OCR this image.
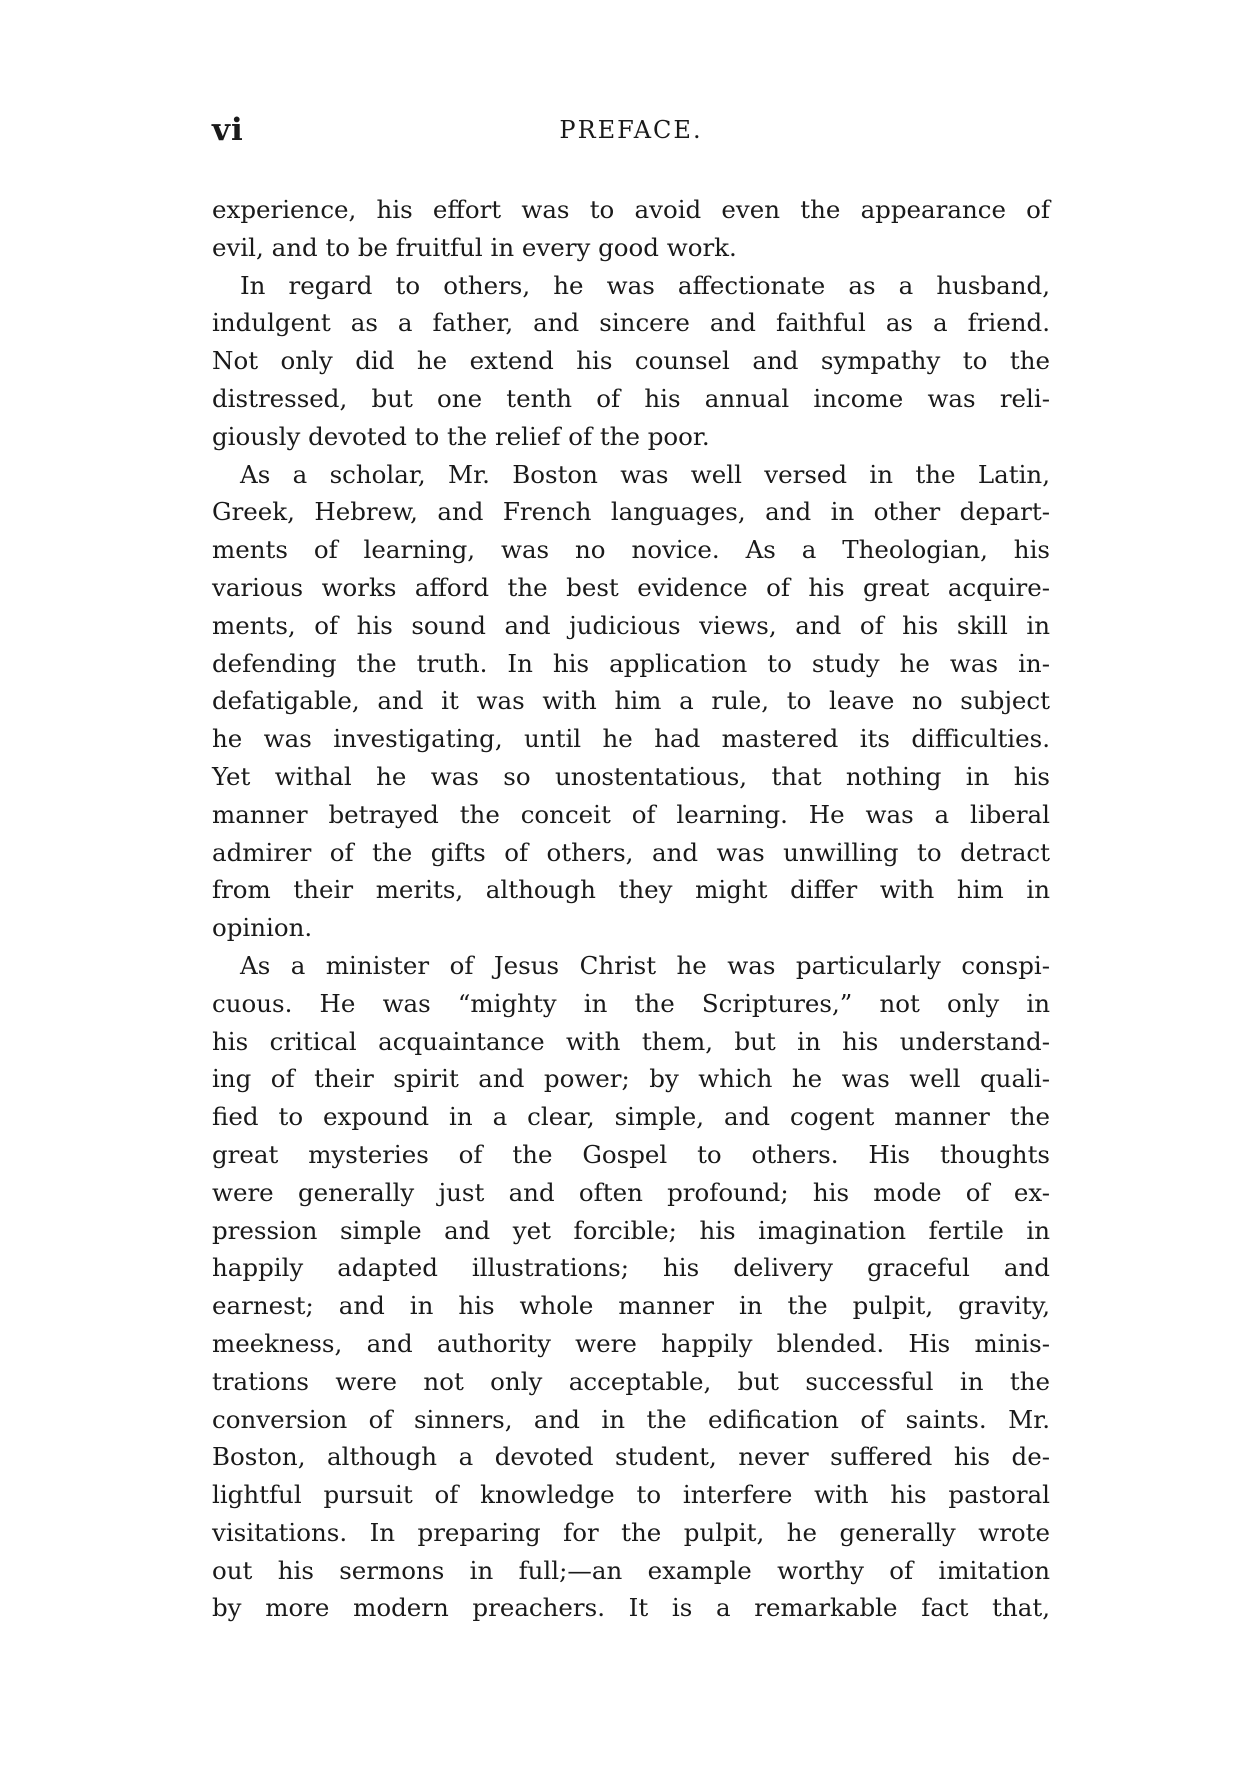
vi	PREFACE.
experience, his effort was to avoid even the appearance of
evil, and to be fruitful in every good work.
In regard to others, he was affectionate as a husband,
indulgent as a father, and sincere and faithful as a friend.
Not only did he extend his counsel and sympathy to the
distressed, but one tenth of his annual income was reli-
giously devoted to the relief of the poor.
As a scholar, Mr. Boston was well versed in the Latin,
Greek, Hebrew, and French languages, and in other depart-
ments of learning, was no novice. As a Theologian, his
various works afford the best evidence of his great acquire-
ments, of his sound and judicious views, and of his skill in
defending the truth. In his application to study he was in-
defatigable, and it was with him a rule, to leave no subject
he was investigating, until he had mastered its difficulties.
Yet withal he was so unostentatious, that nothing in his
manner betrayed the conceit of learning. He was a liberal
admirer of the gifts of others, and was unwilling to detract
from their merits, although they might differ with him in
opinion.
As a minister of Jesus Christ he was particularly conspi-
cuous. He was “mighty in the Scriptures,” not only in
his critical acquaintance with them, but in his understand-
ing of their spirit and power; by which he was well quali-
fied to expound in a clear, simple, and cogent manner the
great mysteries of the Gospel to others. His thoughts
were generally just and often profound; his mode of ex-
pression simple and yet forcible; his imagination fertile in
happily adapted illustrations; his delivery graceful and
earnest; and in his whole manner in the pulpit, gravity,
meekness, and authority were happily blended. His minis-
trations were not only acceptable, but successful in the
conversion of sinners, and in the edification of saints. Mr.
Boston, although a devoted student, never suffered his de-
lightful pursuit of knowledge to interfere with his pastoral
visitations. In preparing for the pulpit, he generally wrote
out his sermons in full;—an example worthy of imitation
by more modern preachers. It is a remarkable fact that,
